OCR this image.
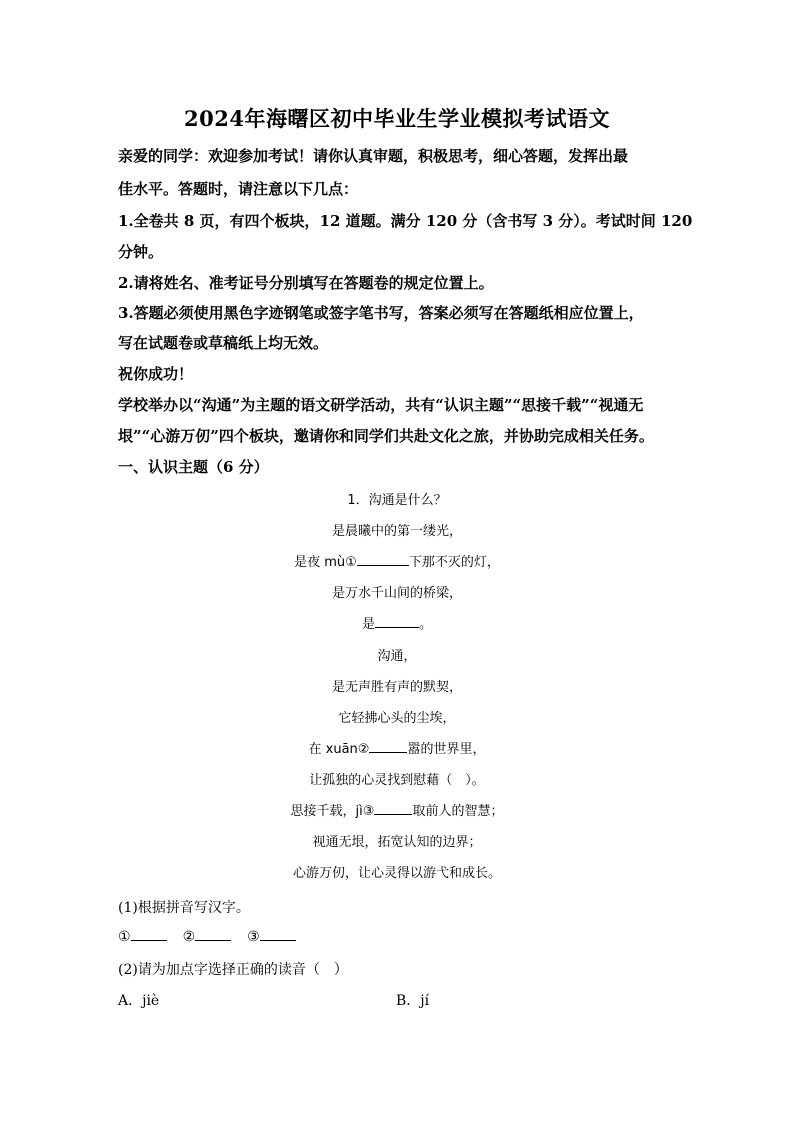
2024年海曙区初中毕业生学业模拟考试语文
亲爱的同学：欢迎参加考试！请你认真审题，积极思考，细心答题，发挥出最
佳水平。答题时，请注意以下几点：
1.全卷共 8 页，有四个板块，12 道题。满分 120 分（含书写 3 分）。考试时间 120
分钟。
2.请将姓名、准考证号分别填写在答题卷的规定位置上。
3.答题必须使用黑色字迹钢笔或签字笔书写，答案必须写在答题纸相应位置上，
写在试题卷或草稿纸上均无效。
祝你成功！
学校举办以“沟通”为主题的语文研学活动，共有“认识主题”“思接千载”“视通无
垠”“心游万仞”四个板块，邀请你和同学们共赴文化之旅，并协助完成相关任务。
一、认识主题（6 分）
1．沟通是什么？
是晨曦中的第一缕光，
是夜 mù①	下那不灭的灯，
是万水千山间的桥梁，
是	。
沟通，
是无声胜有声的默契，
它轻拂心头的尘埃，
在 xuān②	嚣的世界里，
让孤独的心灵找到慰藉（　）。
思接千载，jì③	取前人的智慧；
视通无垠，拓宽认知的边界；
心游万仞，让心灵得以游弋和成长。
(1)根据拼音写汉字。
①	②	③
(2)请为加点字选择正确的读音（　）
A．jiè	B．jí
